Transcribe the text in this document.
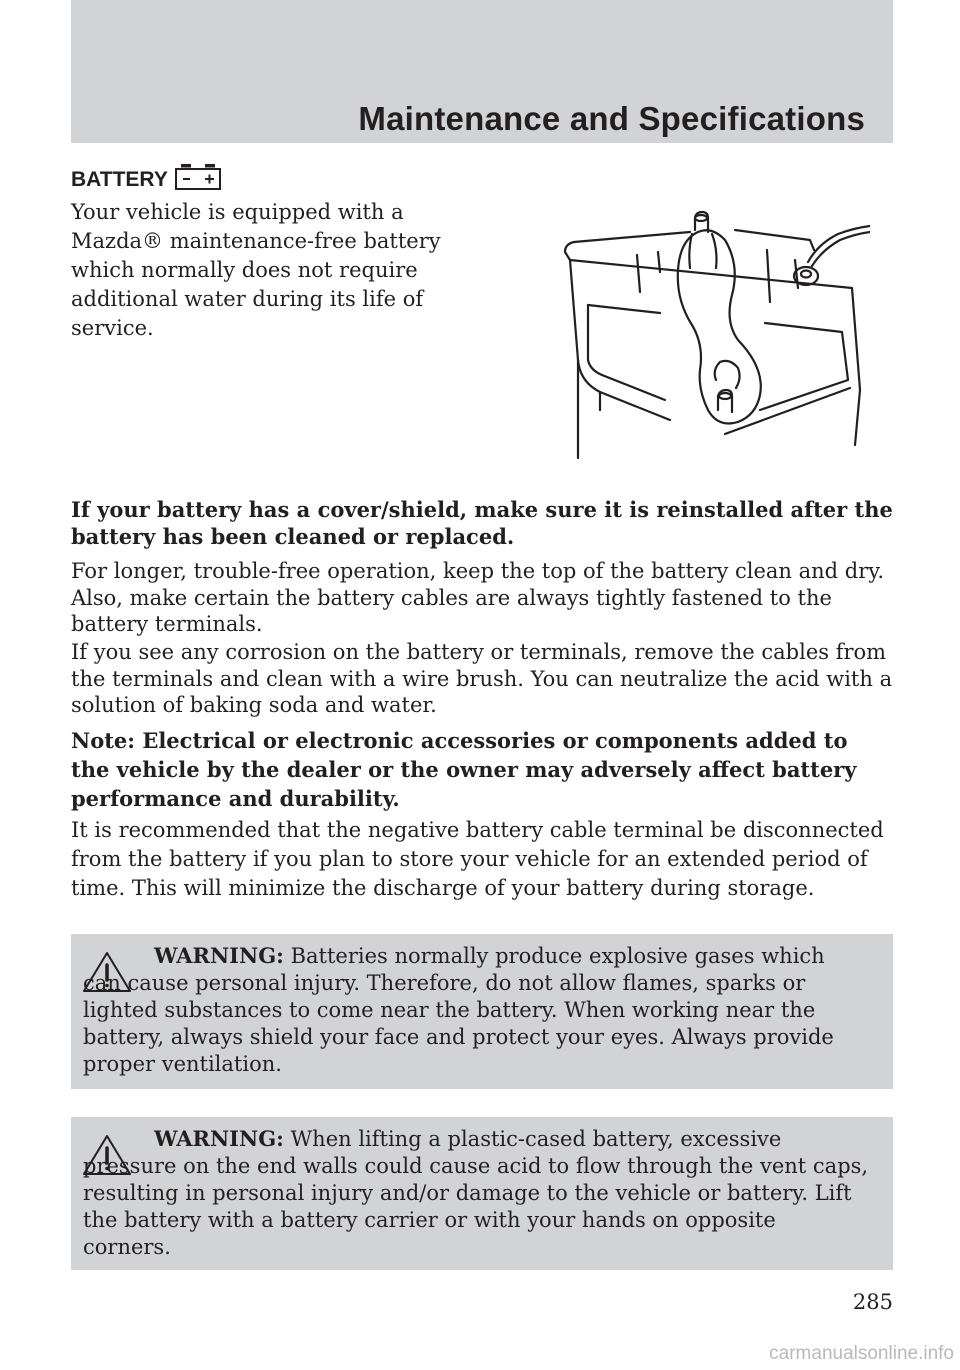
Maintenance and Specifications
BATTERY
Your vehicle is equipped with a Mazda® maintenance-free battery which normally does not require additional water during its life of service.

If your battery has a cover/shield, make sure it is reinstalled after the battery has been cleaned or replaced.

For longer, trouble-free operation, keep the top of the battery clean and dry. Also, make certain the battery cables are always tightly fastened to the battery terminals.

If you see any corrosion on the battery or terminals, remove the cables from the terminals and clean with a wire brush. You can neutralize the acid with a solution of baking soda and water.

Note: Electrical or electronic accessories or components added to the vehicle by the dealer or the owner may adversely affect battery performance and durability.

It is recommended that the negative battery cable terminal be disconnected from the battery if you plan to store your vehicle for an extended period of time. This will minimize the discharge of your battery during storage.

WARNING: Batteries normally produce explosive gases which can cause personal injury. Therefore, do not allow flames, sparks or lighted substances to come near the battery. When working near the battery, always shield your face and protect your eyes. Always provide proper ventilation.
WARNING: When lifting a plastic-cased battery, excessive pressure on the end walls could cause acid to flow through the vent caps, resulting in personal injury and/or damage to the vehicle or battery. Lift the battery with a battery carrier or with your hands on opposite corners.
285
carmanualsonline.info
